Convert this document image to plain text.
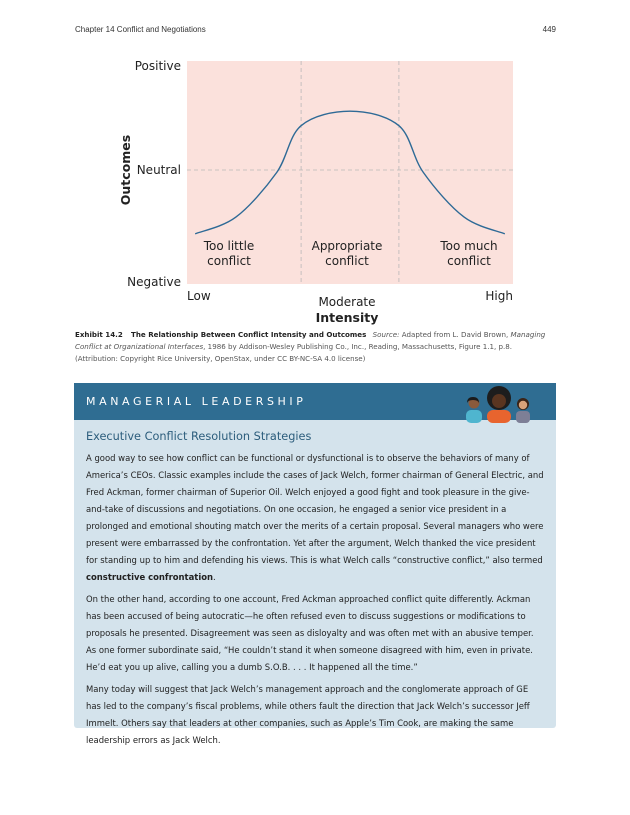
Chapter 14 Conflict and Negotiations	449
Positive
Neutral
Negative
Outcomes
Low	Moderate	High
Intensity
Too little
conflict
Appropriate
conflict
Too much
conflict
Exhibit 14.2 The Relationship Between Conflict Intensity and Outcomes Source: Adapted from L. David Brown, Managing Conflict at Organizational Interfaces, 1986 by Addison-Wesley Publishing Co., Inc., Reading, Massachusetts, Figure 1.1, p.8. (Attribution: Copyright Rice University, OpenStax, under CC BY-NC-SA 4.0 license)
MANAGERIAL LEADERSHIP
Executive Conflict Resolution Strategies

A good way to see how conflict can be functional or dysfunctional is to observe the behaviors of many of America’s CEOs. Classic examples include the cases of Jack Welch, former chairman of General Electric, and Fred Ackman, former chairman of Superior Oil. Welch enjoyed a good fight and took pleasure in the give-and-take of discussions and negotiations. On one occasion, he engaged a senior vice president in a prolonged and emotional shouting match over the merits of a certain proposal. Several managers who were present were embarrassed by the confrontation. Yet after the argument, Welch thanked the vice president for standing up to him and defending his views. This is what Welch calls “constructive conflict,” also termed constructive confrontation.

On the other hand, according to one account, Fred Ackman approached conflict quite differently. Ackman has been accused of being autocratic—he often refused even to discuss suggestions or modifications to proposals he presented. Disagreement was seen as disloyalty and was often met with an abusive temper. As one former subordinate said, “He couldn’t stand it when someone disagreed with him, even in private. He’d eat you up alive, calling you a dumb S.O.B. . . . It happened all the time.”

Many today will suggest that Jack Welch’s management approach and the conglomerate approach of GE has led to the company’s fiscal problems, while others fault the direction that Jack Welch’s successor Jeff Immelt. Others say that leaders at other companies, such as Apple’s Tim Cook, are making the same leadership errors as Jack Welch.
